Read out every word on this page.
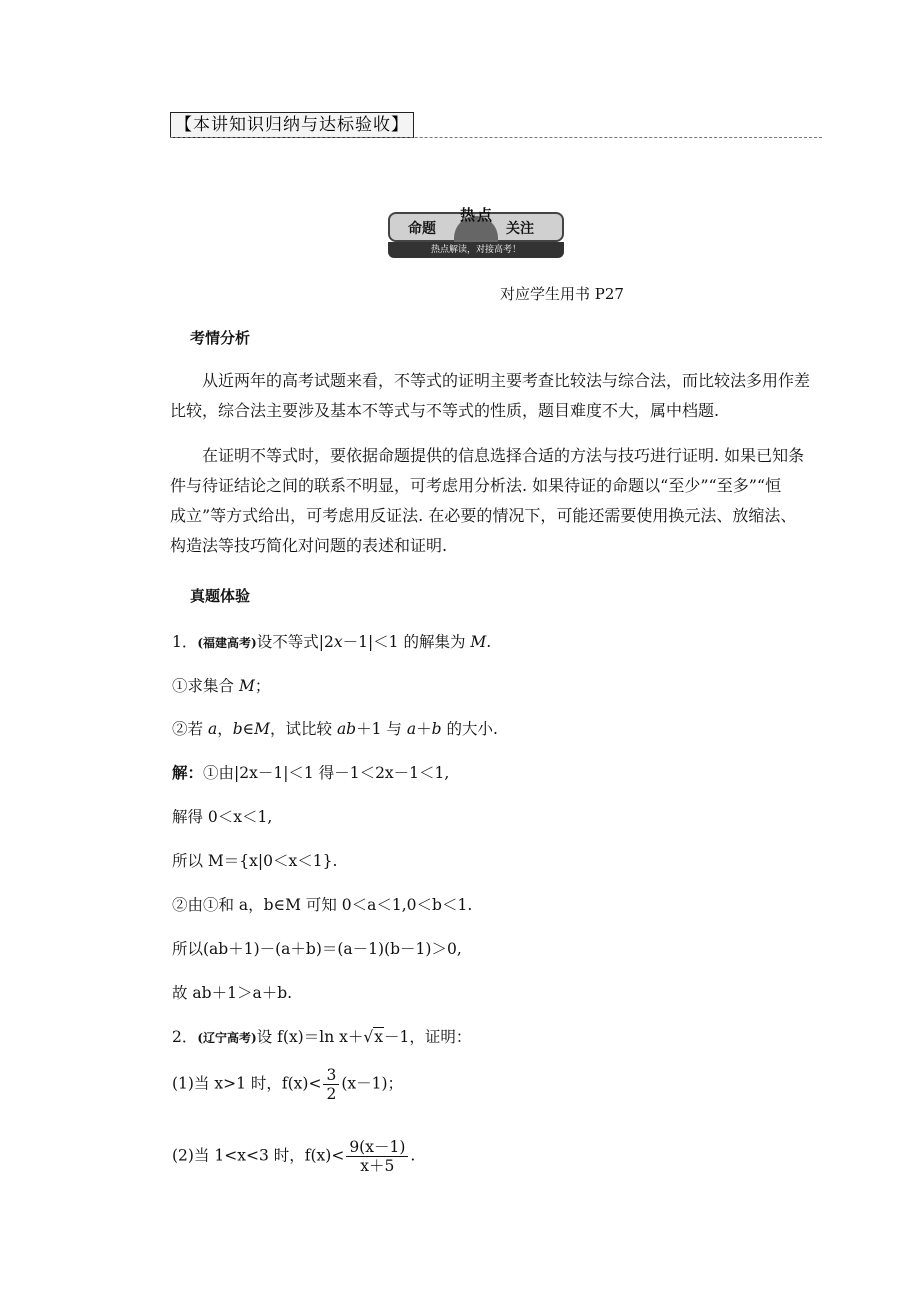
【本讲知识归纳与达标验收】
命题
热点
关注
热点解读，对接高考！
对应学生用书 P27
考情分析
从近两年的高考试题来看，不等式的证明主要考查比较法与综合法，而比较法多用作差
比较，综合法主要涉及基本不等式与不等式的性质，题目难度不大，属中档题.
在证明不等式时，要依据命题提供的信息选择合适的方法与技巧进行证明. 如果已知条
件与待证结论之间的联系不明显，可考虑用分析法. 如果待证的命题以“至少”“至多”“恒
成立”等方式给出，可考虑用反证法. 在必要的情况下，可能还需要使用换元法、放缩法、
构造法等技巧简化对问题的表述和证明.
真题体验
1．(福建高考)设不等式|2x－1|＜1 的解集为 M.
①求集合 M；
②若 a，b∈M，试比较 ab＋1 与 a＋b 的大小.
解：①由|2x－1|＜1 得－1＜2x－1＜1,
解得 0＜x＜1,
所以 M＝{x|0＜x＜1}.
②由①和 a，b∈M 可知 0＜a＜1,0＜b＜1.
所以(ab＋1)－(a＋b)＝(a－1)(b－1)＞0,
故 ab＋1＞a＋b.
2．(辽宁高考)设 f(x)＝ln x＋√x－1，证明：
(1)当 x>1 时，$f(x)< \frac{3}{2} (x-1)$；
(2)当 1<x<3 时，$f(x)< \frac{9(x-1)}{x+5}$ .
